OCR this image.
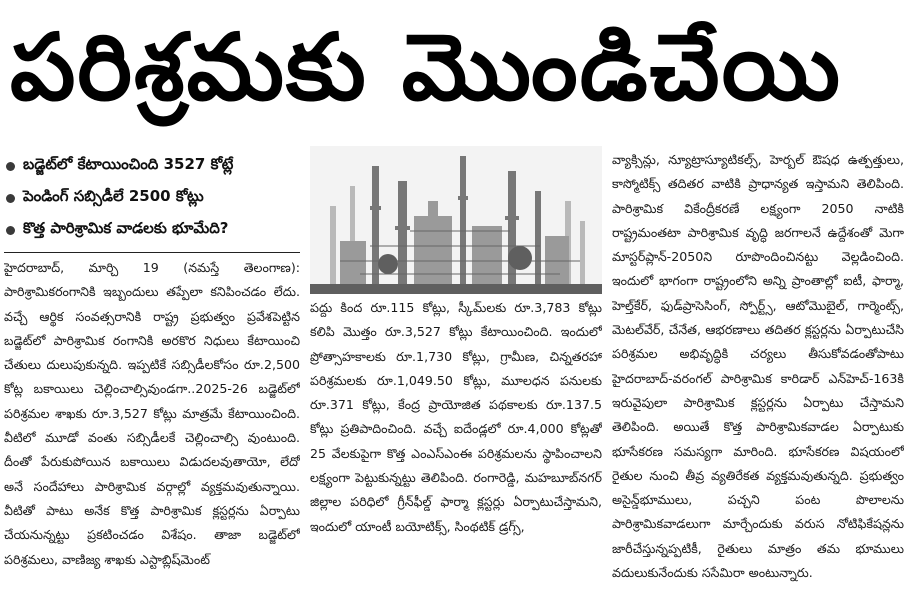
పరిశ్రమకు మొండిచేయి
బడ్జెట్‌లో కేటాయించింది 3527 కోట్లే
పెండింగ్ సబ్సిడీలే 2500 కోట్లు
కొత్త పారిశ్రామిక వాడలకు భూమేది?
హైదరాబాద్, మార్చి 19 (నమస్తే తెలంగాణ): పారిశ్రామికరంగానికి ఇబ్బందులు తప్పేలా కనిపించడం లేదు. వచ్చే ఆర్థిక సంవత్సరానికి రాష్ట్ర ప్రభుత్వం ప్రవేశపెట్టిన బడ్జెట్‌లో పారిశ్రామిక రంగానికి అరకొర నిధులు కేటాయించి చేతులు దులుపుకున్నది. ఇప్పటికే సబ్సిడీలకోసం రూ.2,500 కోట్ల బకాయిలు చెల్లించాల్సివుండగా..2025-26 బడ్జెట్‌లో పరిశ్రమల శాఖకు రూ.3,527 కోట్లు మాత్రమే కేటాయించింది. వీటిలో మూడో వంతు సబ్సిడీలకే చెల్లించాల్సి వుంటుంది. దీంతో పేరుకుపోయిన బకాయిలు విడుదలవుతాయో, లేదో అనే సందేహాలు పారిశ్రామిక వర్గాల్లో వ్యక్తమవుతున్నాయి. వీటితో పాటు అనేక కొత్త పారిశ్రామిక క్లస్టర్లను ఏర్పాటు చేయనున్నట్టు ప్రకటించడం విశేషం. తాజా బడ్జెట్‌లో పరిశ్రమలు, వాణిజ్య శాఖకు ఎస్టాబ్లిష్‌మెంట్
పద్దు కింద రూ.115 కోట్లు, స్కీమ్‌లకు రూ.3,783 కోట్లు కలిపి మొత్తం రూ.3,527 కోట్లు కేటాయించింది. ఇందులో ప్రోత్సాహకాలకు రూ.1,730 కోట్లు, గ్రామీణ, చిన్నతరహా పరిశ్రమలకు రూ.1,049.50 కోట్లు, మూలధన పనులకు రూ.371 కోట్లు, కేంద్ర ప్రాయోజిత పథకాలకు రూ.137.5 కోట్లు ప్రతిపాదించింది. వచ్చే ఐదేండ్లలో రూ.4,000 కోట్లతో 25 వేలకుపైగా కొత్త ఎంఎస్‌ఎంఈ పరిశ్రమలను స్థాపించాలని లక్ష్యంగా పెట్టుకున్నట్టు తెలిపింది. రంగారెడ్డి, మహబూబ్‌నగర్ జిల్లాల పరిధిలో గ్రీన్‌ఫీల్డ్ ఫార్మా క్లస్టర్లు ఏర్పాటుచేస్తామని, ఇందులో యాంటీ బయోటిక్స్, సింథటిక్ డ్రగ్స్,
వ్యాక్సిన్లు, న్యూట్రాస్యూటికల్స్, హెర్బల్ ఔషధ ఉత్పత్తులు, కాస్మోటిక్స్ తదితర వాటికి ప్రాధాన్యత ఇస్తామని తెలిపింది. పారిశ్రామిక వికేంద్రీకరణే లక్ష్యంగా 2050 నాటికి రాష్ట్రమంతటా పారిశ్రామిక వృద్ధి జరగాలనే ఉద్దేశంతో మెగా మాస్టర్‌ప్లాన్-2050ని రూపొందించినట్టు వెల్లడించింది. ఇందులో భాగంగా రాష్ట్రంలోని అన్ని ప్రాంతాల్లో ఐటీ, ఫార్మా, హెల్త్‌కేర్, ఫుడ్‌ప్రాసెసింగ్, స్పోర్ట్స్, ఆటోమొబైల్, గార్మెంట్స్, మెటల్‌వేర్, చేనేత, ఆభరణాలు తదితర క్లస్టర్లను ఏర్పాటుచేసి పరిశ్రమల అభివృద్ధికి చర్యలు తీసుకోవడంతోపాటు హైదరాబాద్-వరంగల్ పారిశ్రామిక కారిడార్ ఎన్‌హెచ్-163కి ఇరువైపులా పారిశ్రామిక క్లస్టర్లను ఏర్పాటు చేస్తామని తెలిపింది. అయితే కొత్త పారిశ్రామికవాడల ఏర్పాటుకు భూసేకరణ సమస్యగా మారింది. భూసేకరణ విషయంలో రైతుల నుంచి తీవ్ర వ్యతిరేకత వ్యక్తమవుతున్నది. ప్రభుత్వం అసైన్డ్‌భూములు, పచ్చని పంట పొలాలను పారిశ్రామికవాడలుగా మార్చేందుకు వరుస నోటిఫికేషన్లను జారీచేస్తున్నప్పటికీ, రైతులు మాత్రం తమ భూములు వదులుకునేందుకు ససేమిరా అంటున్నారు.
